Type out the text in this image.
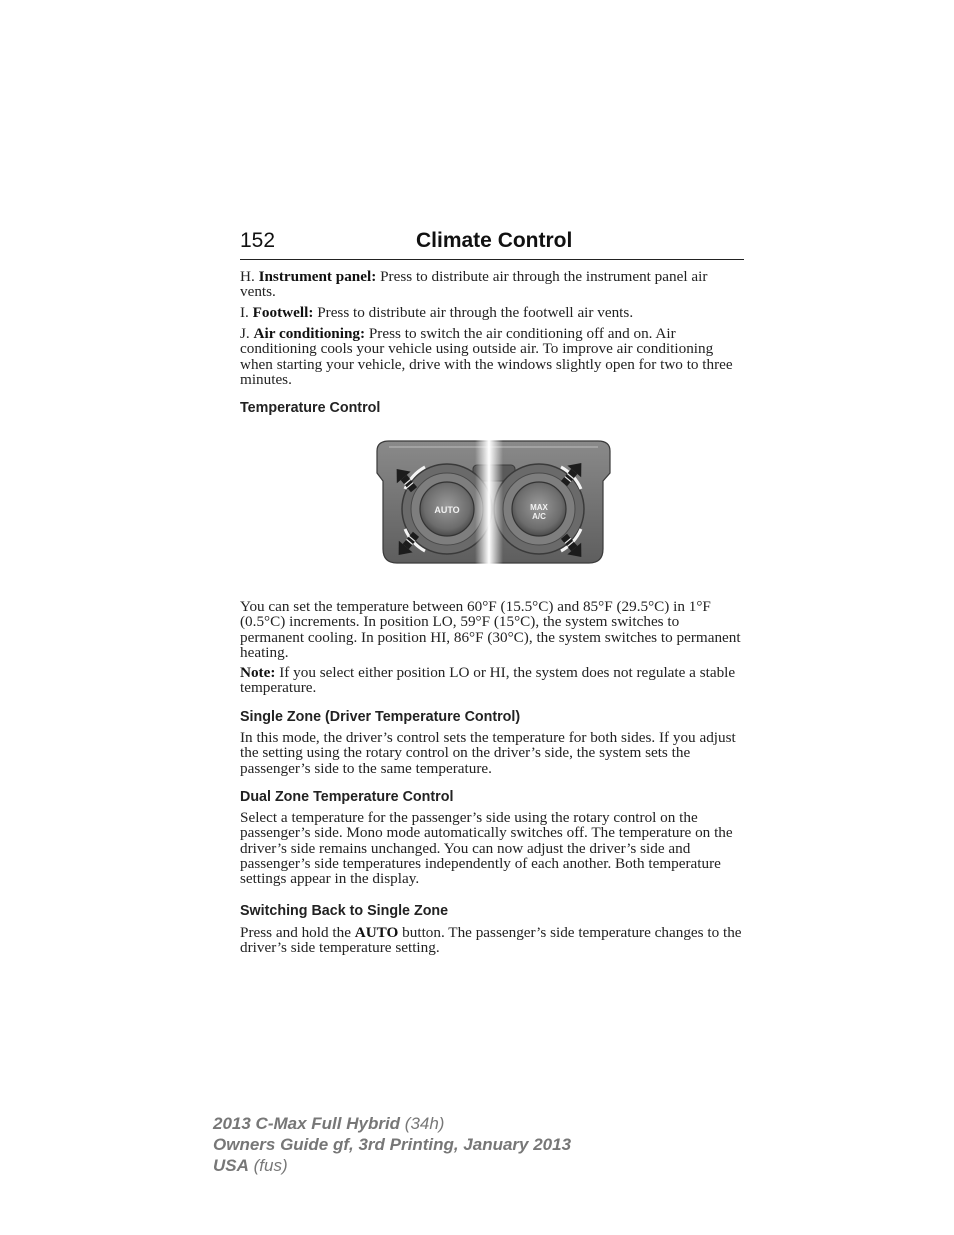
152	Climate Control

H. Instrument panel: Press to distribute air through the instrument panel air vents.

I. Footwell: Press to distribute air through the footwell air vents.

J. Air conditioning: Press to switch the air conditioning off and on. Air conditioning cools your vehicle using outside air. To improve air conditioning when starting your vehicle, drive with the windows slightly open for two to three minutes.

Temperature Control
AUTO	MAX
A/C

You can set the temperature between 60°F (15.5°C) and 85°F (29.5°C) in 1°F (0.5°C) increments. In position LO, 59°F (15°C), the system switches to permanent cooling. In position HI, 86°F (30°C), the system switches to permanent heating.

Note: If you select either position LO or HI, the system does not regulate a stable temperature.

Single Zone (Driver Temperature Control)

In this mode, the driver’s control sets the temperature for both sides. If you adjust the setting using the rotary control on the driver’s side, the system sets the passenger’s side to the same temperature.

Dual Zone Temperature Control

Select a temperature for the passenger’s side using the rotary control on the passenger’s side. Mono mode automatically switches off. The temperature on the driver’s side remains unchanged. You can now adjust the driver’s side and passenger’s side temperatures independently of each another. Both temperature settings appear in the display.

Switching Back to Single Zone

Press and hold the AUTO button. The passenger’s side temperature changes to the driver’s side temperature setting.

2013 C-Max Full Hybrid (34h)
Owners Guide gf, 3rd Printing, January 2013
USA (fus)
